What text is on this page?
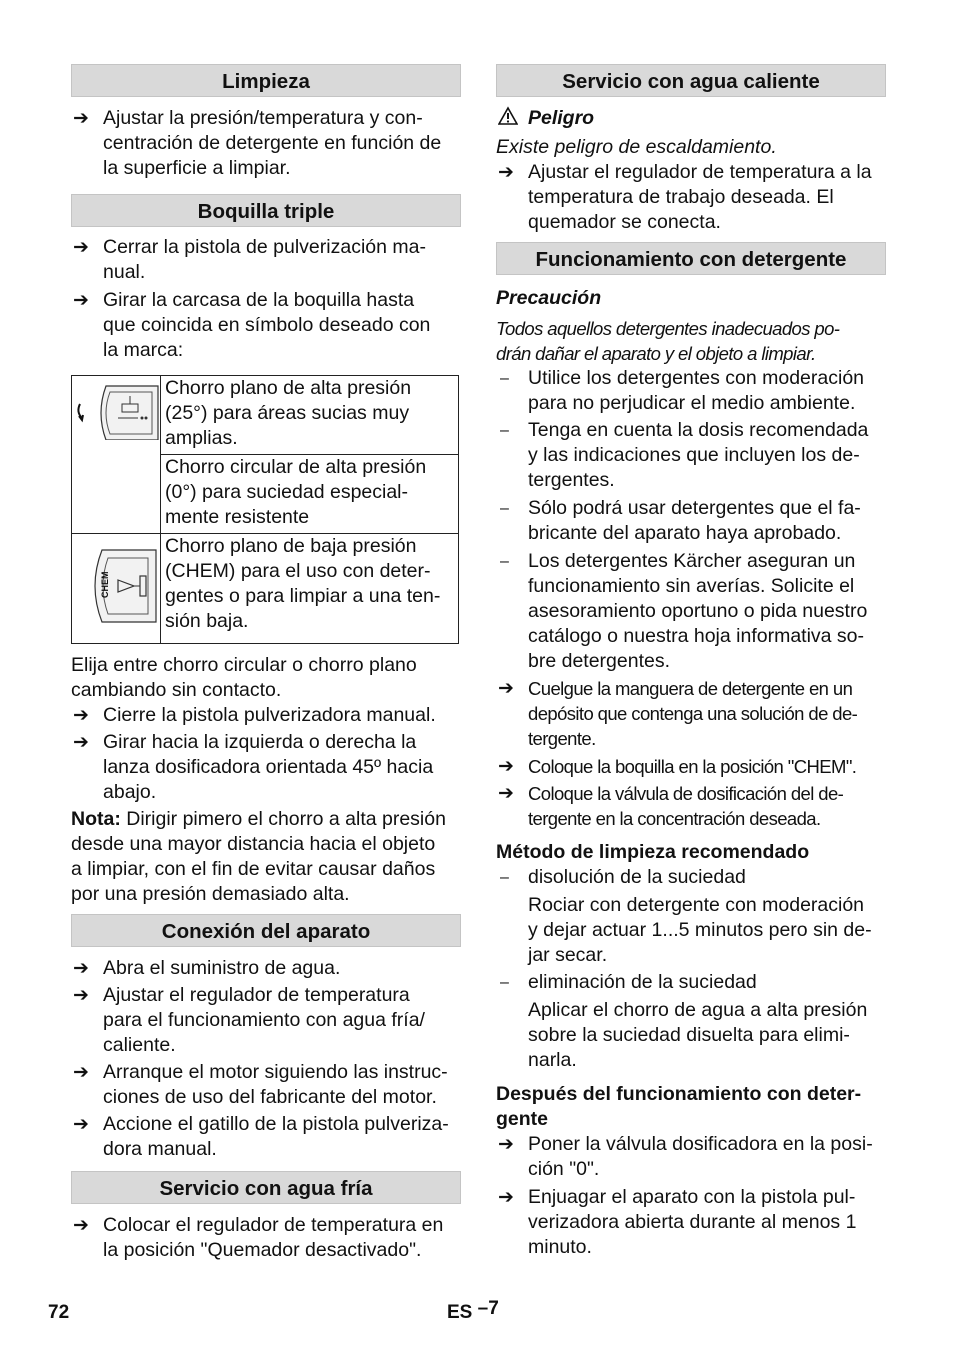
Limpieza
➔ Ajustar la presión/temperatura y con-
centración de detergente en función de
la superficie a limpiar.
Boquilla triple
➔ Cerrar la pistola de pulverización ma-
nual.
➔ Girar la carcasa de la boquilla hasta
que coincida en símbolo deseado con
la marca:

Chorro plano de alta presión
(25°) para áreas sucias muy
amplias.

	Chorro circular de alta presión
(0°) para suciedad especial-
mente resistente

CHEM	Chorro plano de baja presión
(CHEM) para el uso con deter-
gentes o para limpiar a una ten-
sión baja.
Elija entre chorro circular o chorro plano
cambiando sin contacto.
➔ Cierre la pistola pulverizadora manual.
➔ Girar hacia la izquierda o derecha la
lanza dosificadora orientada 45º hacia
abajo.
Nota: Dirigir pimero el chorro a alta presión
desde una mayor distancia hacia el objeto
a limpiar, con el fin de evitar causar daños
por una presión demasiado alta.
Conexión del aparato
➔ Abra el suministro de agua.
➔ Ajustar el regulador de temperatura
para el funcionamiento con agua fría/
caliente.
➔ Arranque el motor siguiendo las instruc-
ciones de uso del fabricante del motor.
➔ Accione el gatillo de la pistola pulveriza-
dora manual.
Servicio con agua fría
➔ Colocar el regulador de temperatura en
la posición "Quemador desactivado".
Servicio con agua caliente
Peligro
Existe peligro de escaldamiento.
➔ Ajustar el regulador de temperatura a la
temperatura de trabajo deseada. El
quemador se conecta.
Funcionamiento con detergente
Precaución
Todos aquellos detergentes inadecuados po-
drán dañar el aparato y el objeto a limpiar.
– Utilice los detergentes con moderación
para no perjudicar el medio ambiente.
– Tenga en cuenta la dosis recomendada
y las indicaciones que incluyen los de-
tergentes.
– Sólo podrá usar detergentes que el fa-
bricante del aparato haya aprobado.
– Los detergentes Kärcher aseguran un
funcionamiento sin averías. Solicite el
asesoramiento oportuno o pida nuestro
catálogo o nuestra hoja informativa so-
bre detergentes.
➔ Cuelgue la manguera de detergente en un
depósito que contenga una solución de de-
tergente.
➔ Coloque la boquilla en la posición "CHEM".
➔ Coloque la válvula de dosificación del de-
tergente en la concentración deseada.
Método de limpieza recomendado
– disolución de la suciedad
Rociar con detergente con moderación
y dejar actuar 1...5 minutos pero sin de-
jar secar.
– eliminación de la suciedad
Aplicar el chorro de agua a alta presión
sobre la suciedad disuelta para elimi-
narla.
Después del funcionamiento con deter-
gente
➔ Poner la válvula dosificadora en la posi-
ción "0".
➔ Enjuagar el aparato con la pistola pul-
verizadora abierta durante al menos 1
minuto.
72	ES –7
